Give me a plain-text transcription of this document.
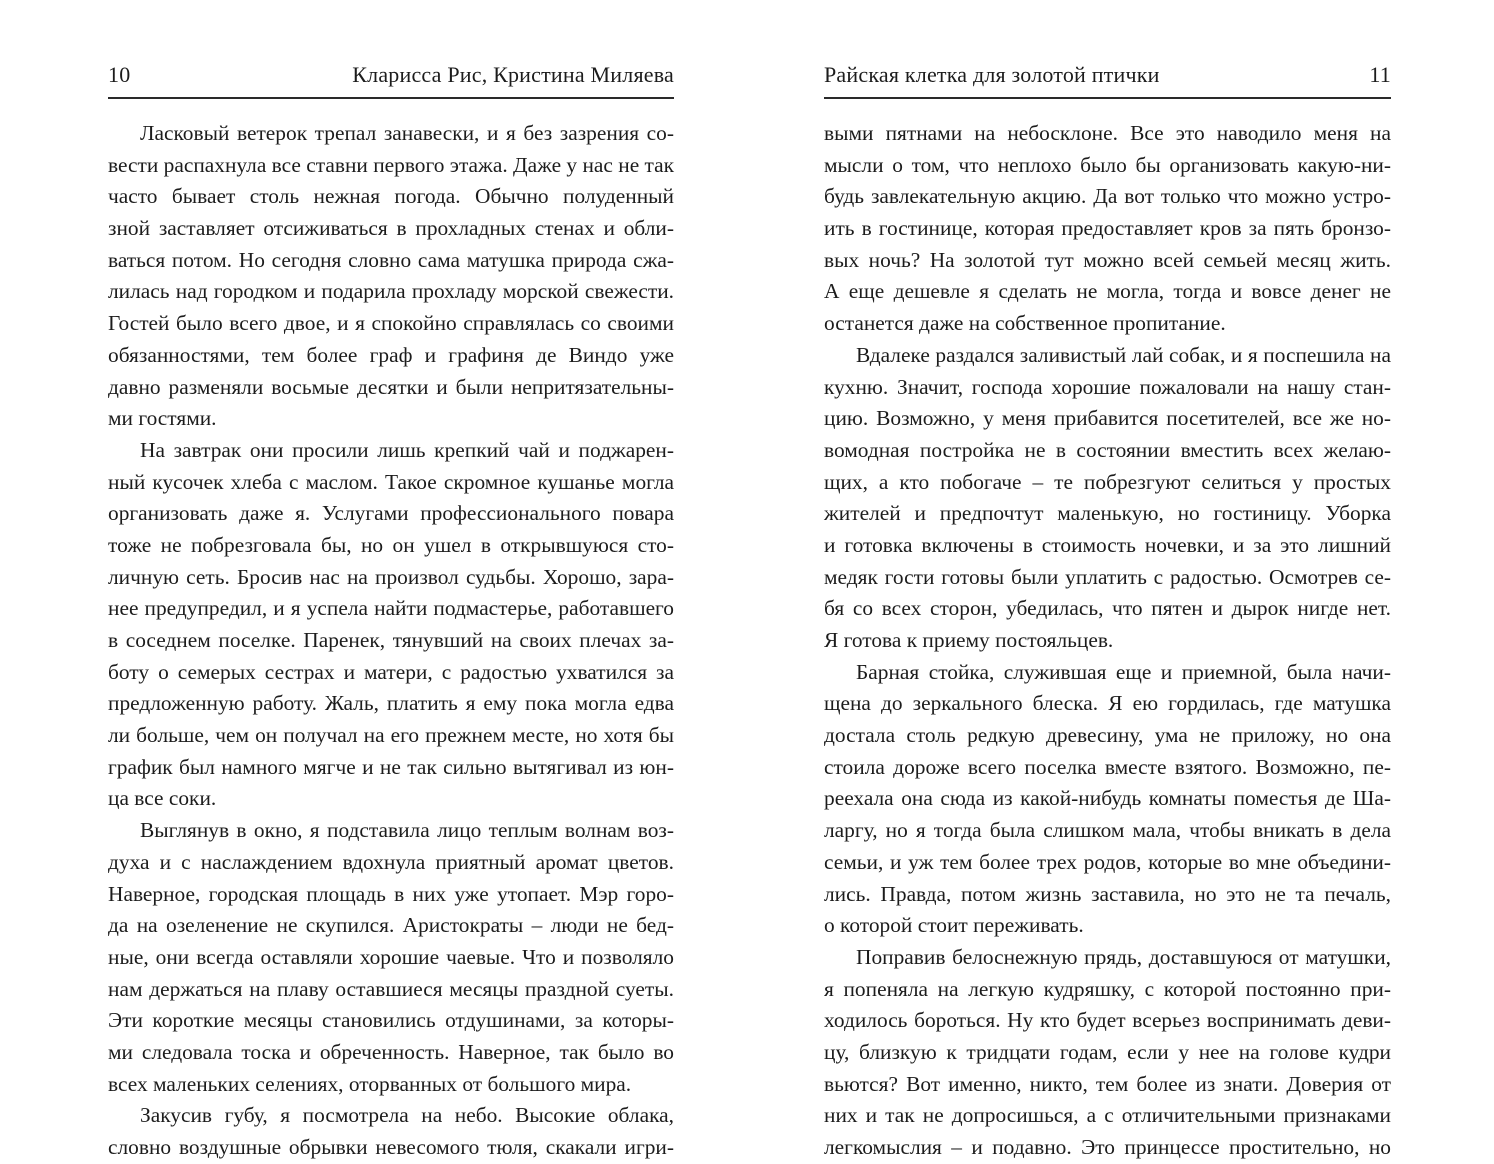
10	Кларисса Рис, Кристина Миляева
Ласковый ветерок трепал занавески, и я без зазрения со-
вести распахнула все ставни первого этажа. Даже у нас не так
часто бывает столь нежная погода. Обычно полуденный
зной заставляет отсиживаться в прохладных стенах и обли-
ваться потом. Но сегодня словно сама матушка природа сжа-
лилась над городком и подарила прохладу морской свежести.
Гостей было всего двое, и я спокойно справлялась со своими
обязанностями, тем более граф и графиня де Виндо уже
давно разменяли восьмые десятки и были непритязательны-
ми гостями.
На завтрак они просили лишь крепкий чай и поджарен-
ный кусочек хлеба с маслом. Такое скромное кушанье могла
организовать даже я. Услугами профессионального повара
тоже не побрезговала бы, но он ушел в открывшуюся сто-
личную сеть. Бросив нас на произвол судьбы. Хорошо, зара-
нее предупредил, и я успела найти подмастерье, работавшего
в соседнем поселке. Паренек, тянувший на своих плечах за-
боту о семерых сестрах и матери, с радостью ухватился за
предложенную работу. Жаль, платить я ему пока могла едва
ли больше, чем он получал на его прежнем месте, но хотя бы
график был намного мягче и не так сильно вытягивал из юн-
ца все соки.
Выглянув в окно, я подставила лицо теплым волнам воз-
духа и с наслаждением вдохнула приятный аромат цветов.
Наверное, городская площадь в них уже утопает. Мэр горо-
да на озеленение не скупился. Аристократы – люди не бед-
ные, они всегда оставляли хорошие чаевые. Что и позволяло
нам держаться на плаву оставшиеся месяцы праздной суеты.
Эти короткие месяцы становились отдушинами, за которы-
ми следовала тоска и обреченность. Наверное, так было во
всех маленьких селениях, оторванных от большого мира.
Закусив губу, я посмотрела на небо. Высокие облака,
словно воздушные обрывки невесомого тюля, скакали игри-
Райская клетка для золотой птички	11
выми пятнами на небосклоне. Все это наводило меня на
мысли о том, что неплохо было бы организовать какую-ни-
будь завлекательную акцию. Да вот только что можно устро-
ить в гостинице, которая предоставляет кров за пять бронзо-
вых ночь? На золотой тут можно всей семьей месяц жить.
А еще дешевле я сделать не могла, тогда и вовсе денег не
останется даже на собственное пропитание.
Вдалеке раздался заливистый лай собак, и я поспешила на
кухню. Значит, господа хорошие пожаловали на нашу стан-
цию. Возможно, у меня прибавится посетителей, все же но-
вомодная постройка не в состоянии вместить всех желаю-
щих, а кто побогаче – те побрезгуют селиться у простых
жителей и предпочтут маленькую, но гостиницу. Уборка
и готовка включены в стоимость ночевки, и за это лишний
медяк гости готовы были уплатить с радостью. Осмотрев се-
бя со всех сторон, убедилась, что пятен и дырок нигде нет.
Я готова к приему постояльцев.
Барная стойка, служившая еще и приемной, была начи-
щена до зеркального блеска. Я ею гордилась, где матушка
достала столь редкую древесину, ума не приложу, но она
стоила дороже всего поселка вместе взятого. Возможно, пе-
реехала она сюда из какой-нибудь комнаты поместья де Ша-
ларгу, но я тогда была слишком мала, чтобы вникать в дела
семьи, и уж тем более трех родов, которые во мне объедини-
лись. Правда, потом жизнь заставила, но это не та печаль,
о которой стоит переживать.
Поправив белоснежную прядь, доставшуюся от матушки,
я попеняла на легкую кудряшку, с которой постоянно при-
ходилось бороться. Ну кто будет всерьез воспринимать деви-
цу, близкую к тридцати годам, если у нее на голове кудри
вьются? Вот именно, никто, тем более из знати. Доверия от
них и так не допросишься, а с отличительными признаками
легкомыслия – и подавно. Это принцессе простительно, но
